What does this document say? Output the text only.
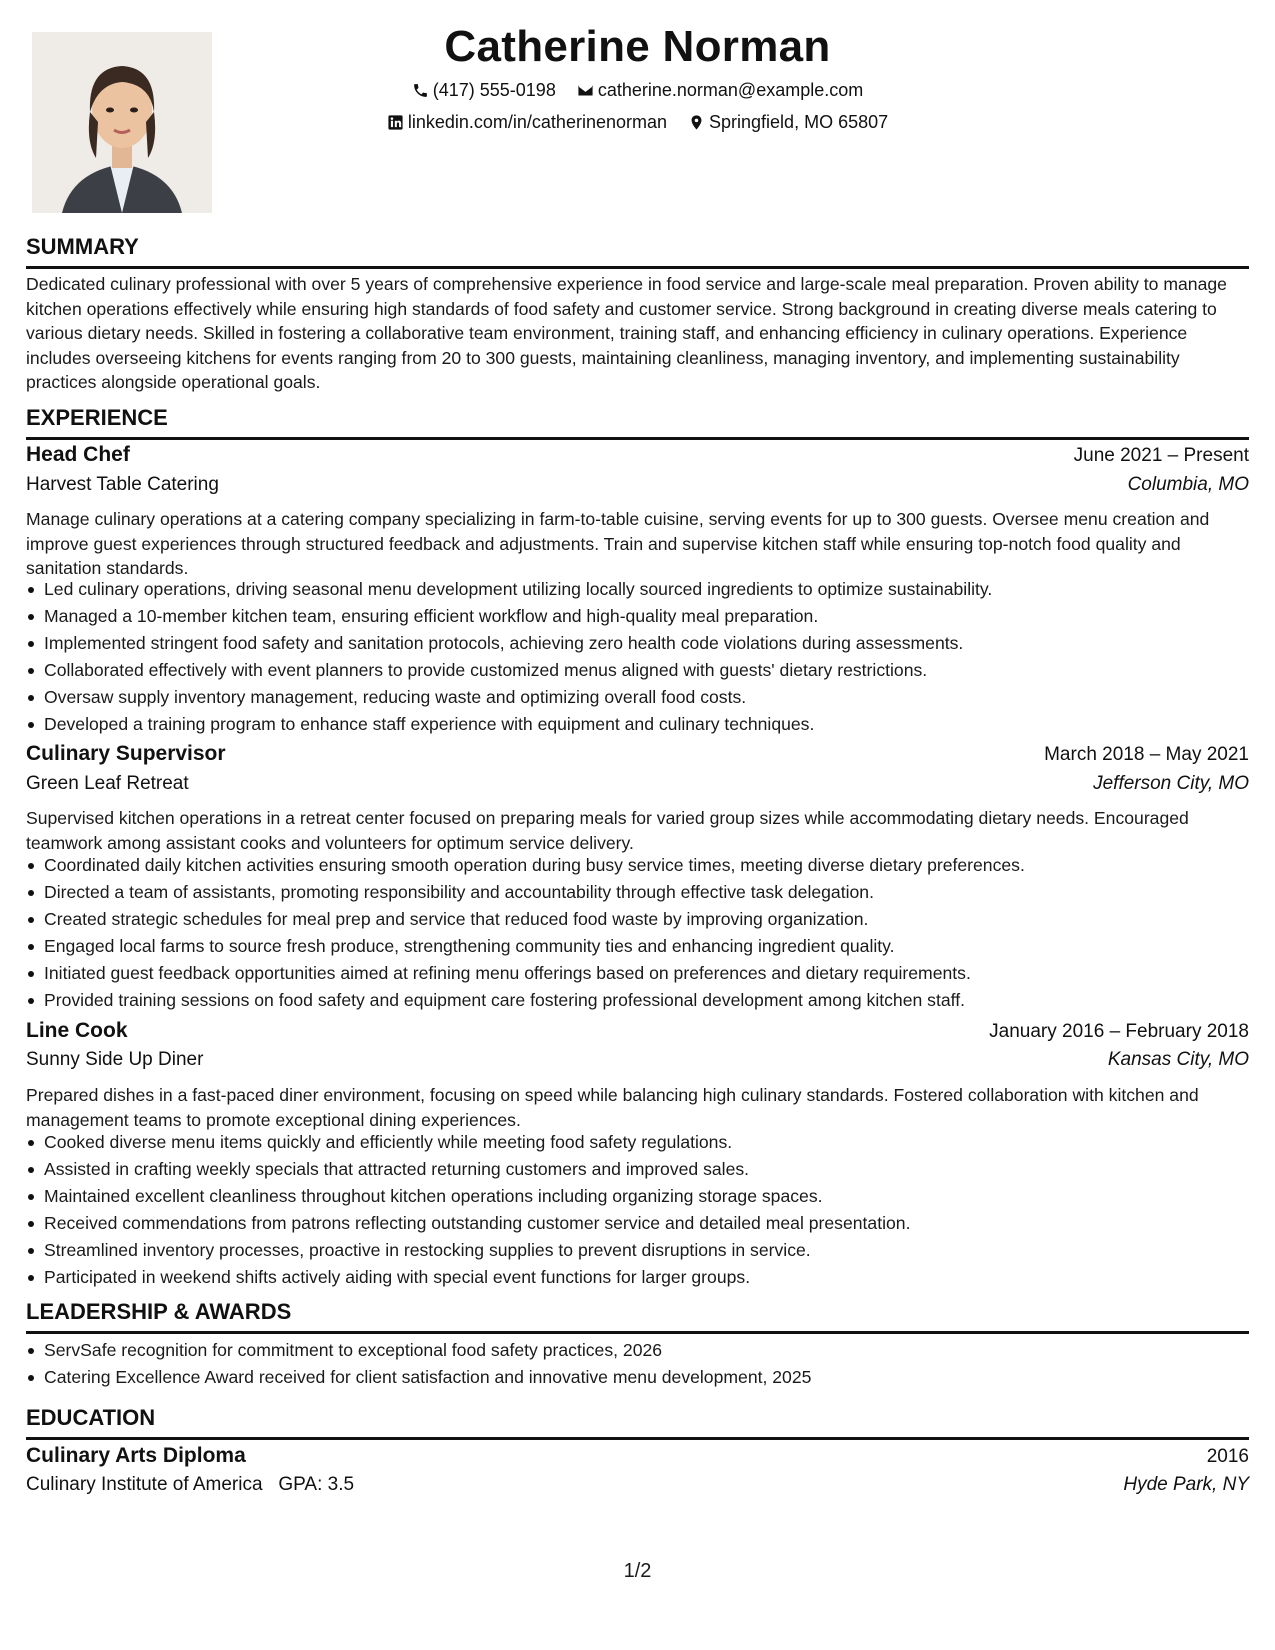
Catherine Norman
(417) 555-0198
catherine.norman@example.com
linkedin.com/in/catherinenorman
Springfield, MO 65807
SUMMARY
Dedicated culinary professional with over 5 years of comprehensive experience in food service and large-scale meal preparation. Proven ability to manage kitchen operations effectively while ensuring high standards of food safety and customer service. Strong background in creating diverse meals catering to various dietary needs. Skilled in fostering a collaborative team environment, training staff, and enhancing efficiency in culinary operations. Experience includes overseeing kitchens for events ranging from 20 to 300 guests, maintaining cleanliness, managing inventory, and implementing sustainability practices alongside operational goals.
EXPERIENCE
Head Chef	June 2021 – Present
Harvest Table Catering	Columbia, MO
Manage culinary operations at a catering company specializing in farm-to-table cuisine, serving events for up to 300 guests. Oversee menu creation and improve guest experiences through structured feedback and adjustments. Train and supervise kitchen staff while ensuring top-notch food quality and sanitation standards.
Led culinary operations, driving seasonal menu development utilizing locally sourced ingredients to optimize sustainability.
Managed a 10-member kitchen team, ensuring efficient workflow and high-quality meal preparation.
Implemented stringent food safety and sanitation protocols, achieving zero health code violations during assessments.
Collaborated effectively with event planners to provide customized menus aligned with guests' dietary restrictions.
Oversaw supply inventory management, reducing waste and optimizing overall food costs.
Developed a training program to enhance staff experience with equipment and culinary techniques.
Culinary Supervisor	March 2018 – May 2021
Green Leaf Retreat	Jefferson City, MO
Supervised kitchen operations in a retreat center focused on preparing meals for varied group sizes while accommodating dietary needs. Encouraged teamwork among assistant cooks and volunteers for optimum service delivery.
Coordinated daily kitchen activities ensuring smooth operation during busy service times, meeting diverse dietary preferences.
Directed a team of assistants, promoting responsibility and accountability through effective task delegation.
Created strategic schedules for meal prep and service that reduced food waste by improving organization.
Engaged local farms to source fresh produce, strengthening community ties and enhancing ingredient quality.
Initiated guest feedback opportunities aimed at refining menu offerings based on preferences and dietary requirements.
Provided training sessions on food safety and equipment care fostering professional development among kitchen staff.
Line Cook	January 2016 – February 2018
Sunny Side Up Diner	Kansas City, MO
Prepared dishes in a fast-paced diner environment, focusing on speed while balancing high culinary standards. Fostered collaboration with kitchen and management teams to promote exceptional dining experiences.
Cooked diverse menu items quickly and efficiently while meeting food safety regulations.
Assisted in crafting weekly specials that attracted returning customers and improved sales.
Maintained excellent cleanliness throughout kitchen operations including organizing storage spaces.
Received commendations from patrons reflecting outstanding customer service and detailed meal presentation.
Streamlined inventory processes, proactive in restocking supplies to prevent disruptions in service.
Participated in weekend shifts actively aiding with special event functions for larger groups.
LEADERSHIP & AWARDS
ServSafe recognition for commitment to exceptional food safety practices, 2026
Catering Excellence Award received for client satisfaction and innovative menu development, 2025
EDUCATION
Culinary Arts Diploma	2016
Culinary Institute of America GPA: 3.5	Hyde Park, NY
1/2
